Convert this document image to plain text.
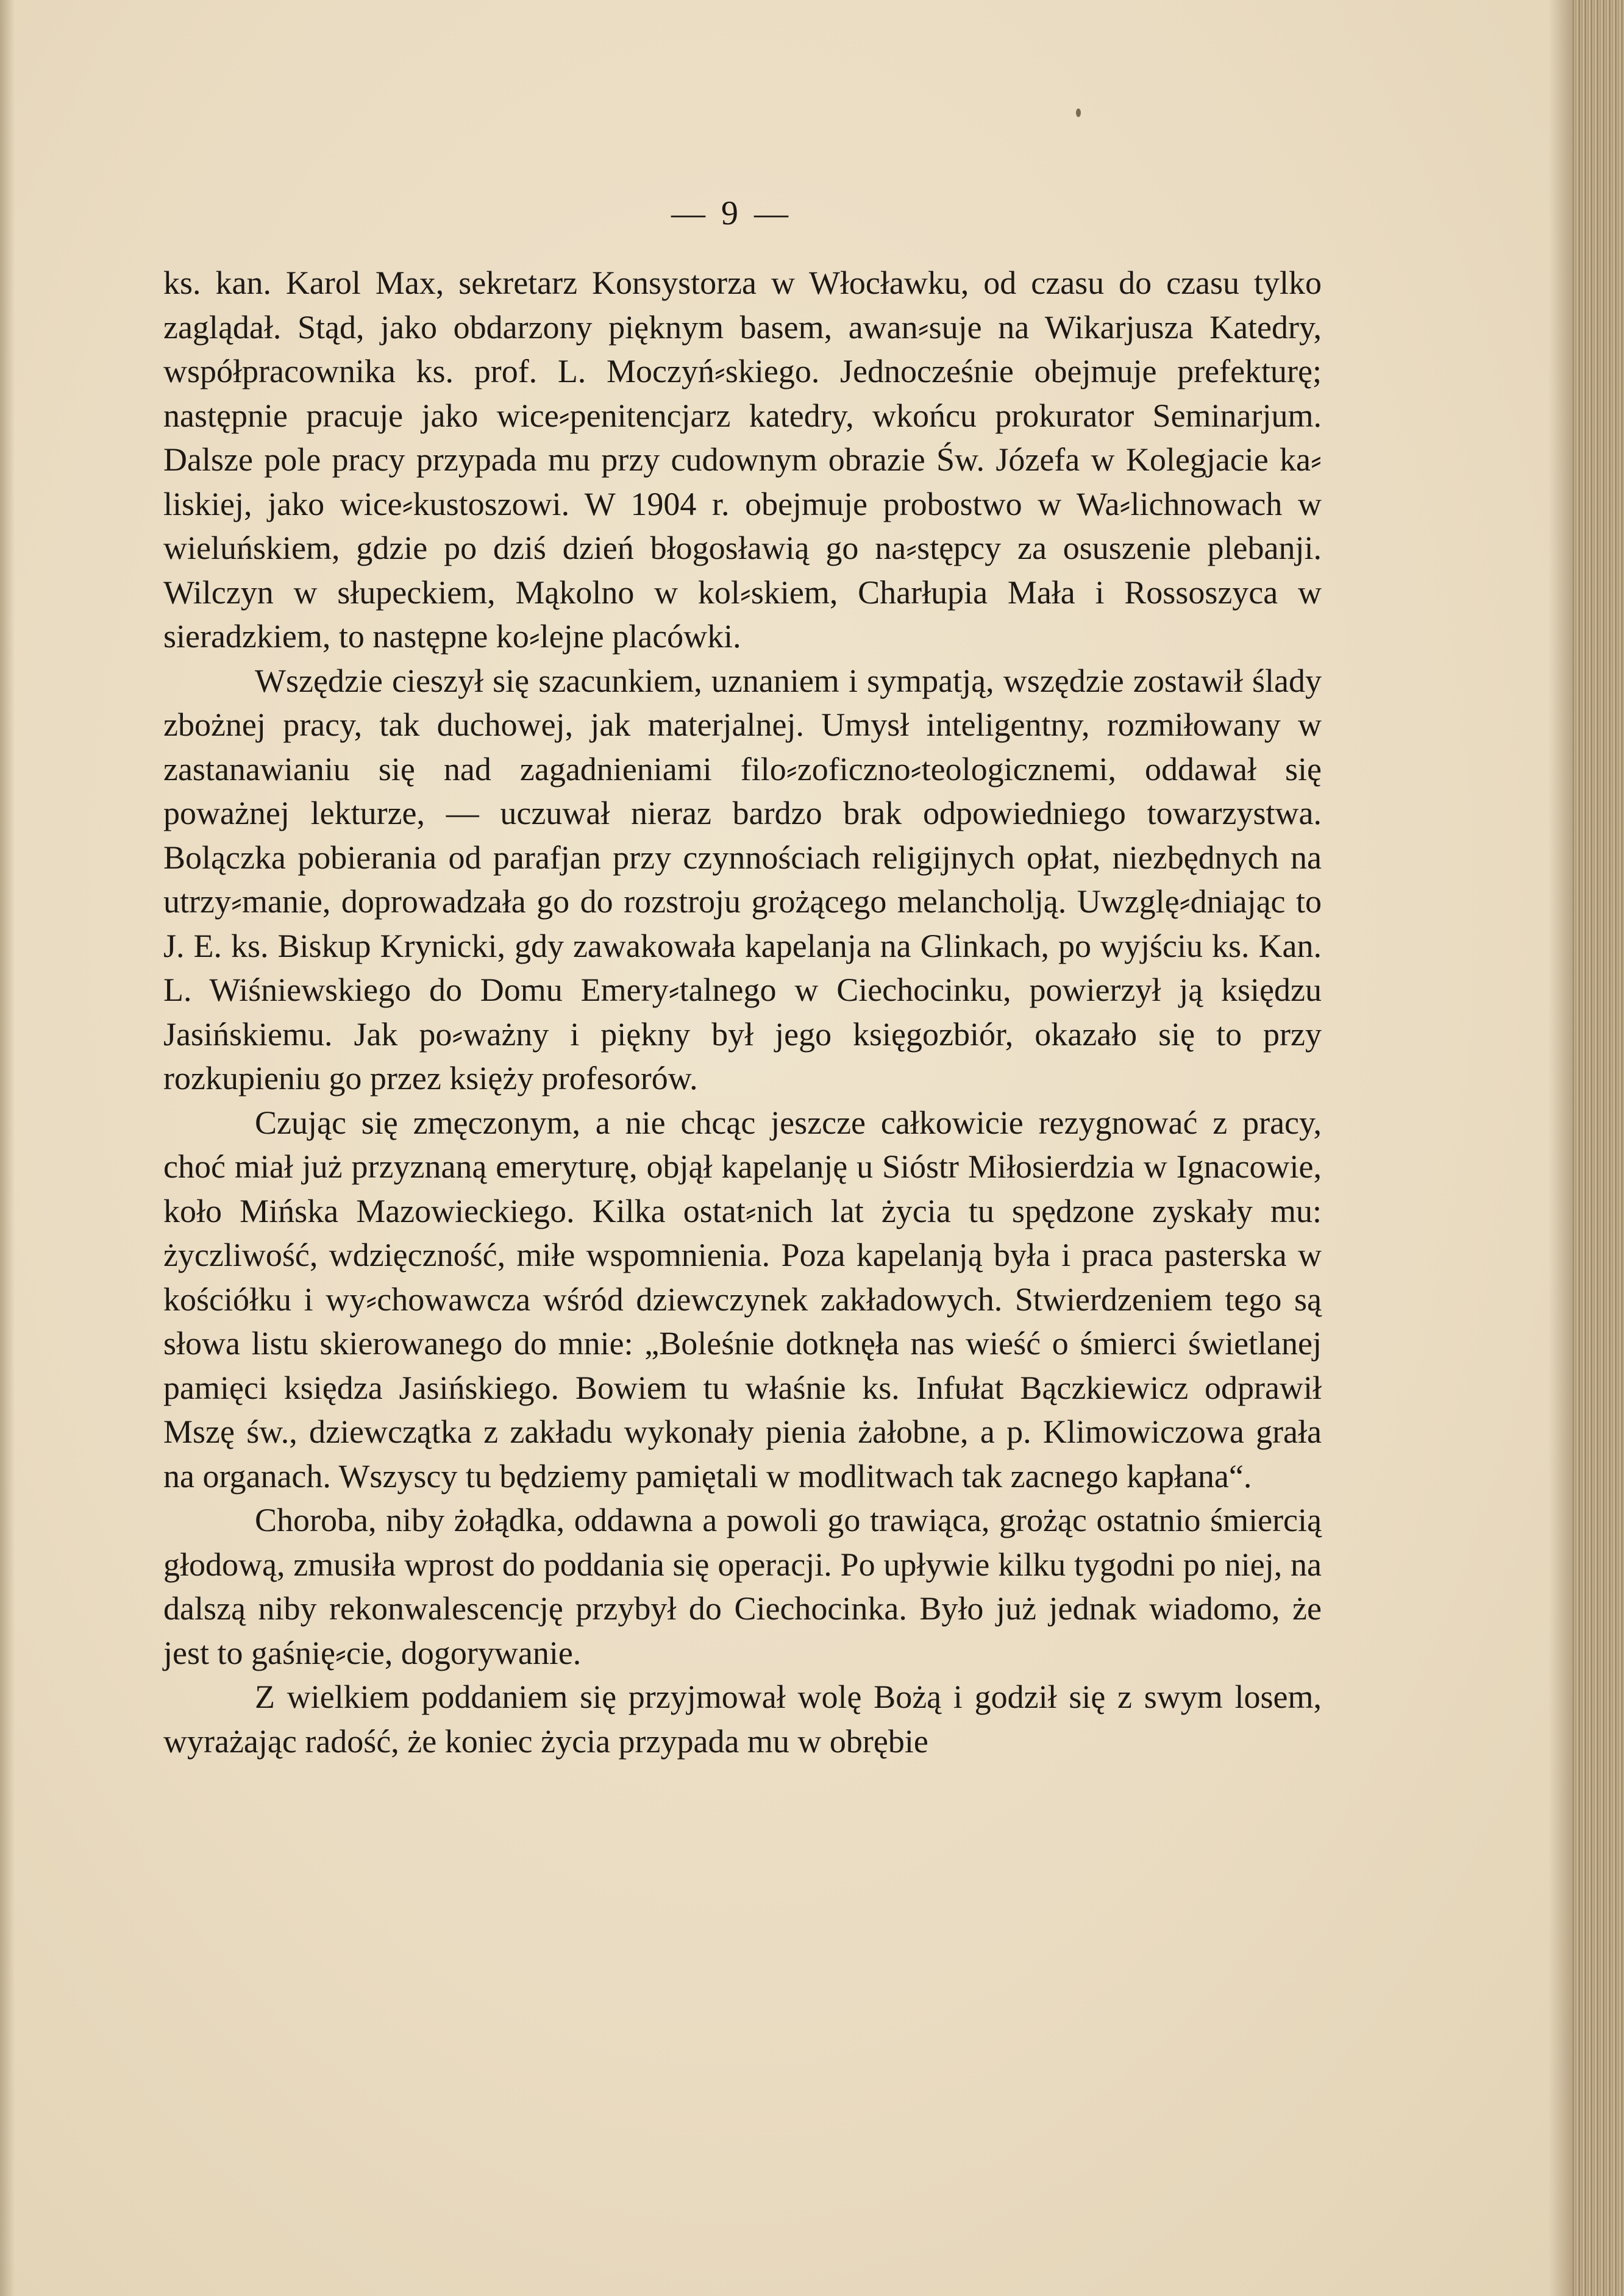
— 9 —

ks. kan. Karol Max, sekretarz Konsystorza w Włocławku, od czasu do czasu tylko zaglądał. Stąd, jako obdarzony pięknym basem, awan⸗suje na Wikarjusza Katedry, współpracownika ks. prof. L. Moczyń⸗skiego. Jednocześnie obejmuje prefekturę; następnie pracuje jako wice⸗penitencjarz katedry, wkońcu prokurator Seminarjum. Dalsze pole pracy przypada mu przy cudownym obrazie Św. Józefa w Kolegjacie ka⸗liskiej, jako wice⸗kustoszowi. W 1904 r. obejmuje probostwo w Wa⸗lichnowach w wieluńskiem, gdzie po dziś dzień błogosławią go na⸗stępcy za osuszenie plebanji. Wilczyn w słupeckiem, Mąkolno w kol⸗skiem, Charłupia Mała i Rossoszyca w sieradzkiem, to następne ko⸗lejne placówki.

Wszędzie cieszył się szacunkiem, uznaniem i sympatją, wszędzie zostawił ślady zbożnej pracy, tak duchowej, jak materjalnej. Umysł inteligentny, rozmiłowany w zastanawianiu się nad zagadnieniami filo⸗zoficzno⸗teologicznemi, oddawał się poważnej lekturze, — uczuwał nieraz bardzo brak odpowiedniego towarzystwa. Bolączka pobierania od parafjan przy czynnościach religijnych opłat, niezbędnych na utrzy⸗manie, doprowadzała go do rozstroju grożącego melancholją. Uwzglę⸗dniając to J. E. ks. Biskup Krynicki, gdy zawakowała kapelanja na Glinkach, po wyjściu ks. Kan. L. Wiśniewskiego do Domu Emery⸗talnego w Ciechocinku, powierzył ją księdzu Jasińskiemu. Jak po⸗ważny i piękny był jego księgozbiór, okazało się to przy rozkupieniu go przez księży profesorów.

Czując się zmęczonym, a nie chcąc jeszcze całkowicie rezygnować z pracy, choć miał już przyznaną emeryturę, objął kapelanję u Sióstr Miłosierdzia w Ignacowie, koło Mińska Mazowieckiego. Kilka ostat⸗nich lat życia tu spędzone zyskały mu: życzliwość, wdzięczność, miłe wspomnienia. Poza kapelanją była i praca pasterska w kościółku i wy⸗chowawcza wśród dziewczynek zakładowych. Stwierdzeniem tego są słowa listu skierowanego do mnie: „Boleśnie dotknęła nas wieść o śmierci świetlanej pamięci księdza Jasińskiego. Bowiem tu właśnie ks. Infułat Bączkiewicz odprawił Mszę św., dziewczątka z zakładu wykonały pienia żałobne, a p. Klimowiczowa grała na organach. Wszyscy tu będziemy pamiętali w modlitwach tak zacnego kapłana“.

Choroba, niby żołądka, oddawna a powoli go trawiąca, grożąc ostatnio śmiercią głodową, zmusiła wprost do poddania się operacji. Po upływie kilku tygodni po niej, na dalszą niby rekonwalescencję przybył do Ciechocinka. Było już jednak wiadomo, że jest to gaśnię⸗cie, dogorywanie.

Z wielkiem poddaniem się przyjmował wolę Bożą i godził się z swym losem, wyrażając radość, że koniec życia przypada mu w obrębie
